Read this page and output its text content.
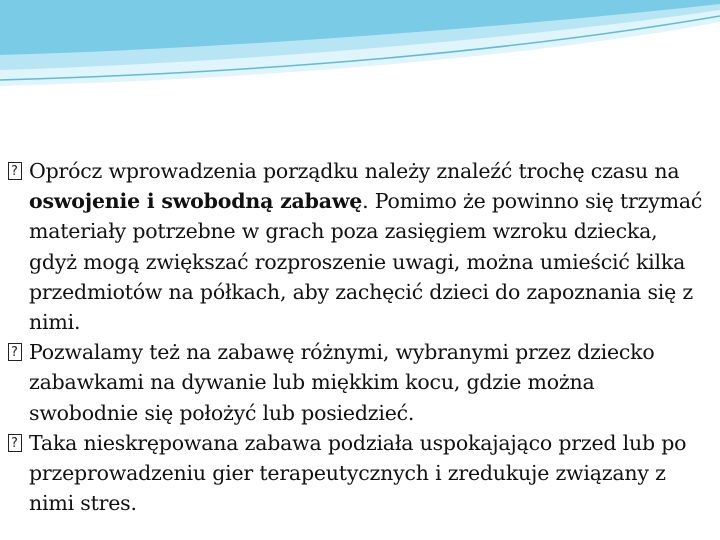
?
Oprócz wprowadzenia porządku należy znaleźć trochę czasu na oswojenie i swobodną zabawę. Pomimo że powinno się trzymać materiały potrzebne w grach poza zasięgiem wzroku dziecka, gdyż mogą zwiększać rozproszenie uwagi, można umieścić kilka przedmiotów na półkach, aby zachęcić dzieci do zapoznania się z nimi.

?
Pozwalamy też na zabawę różnymi, wybranymi przez dziecko zabawkami na dywanie lub miękkim kocu, gdzie można swobodnie się położyć lub posiedzieć.

?
Taka nieskrępowana zabawa podziała uspokajająco przed lub po przeprowadzeniu gier terapeutycznych i zredukuje związany z nimi stres.
